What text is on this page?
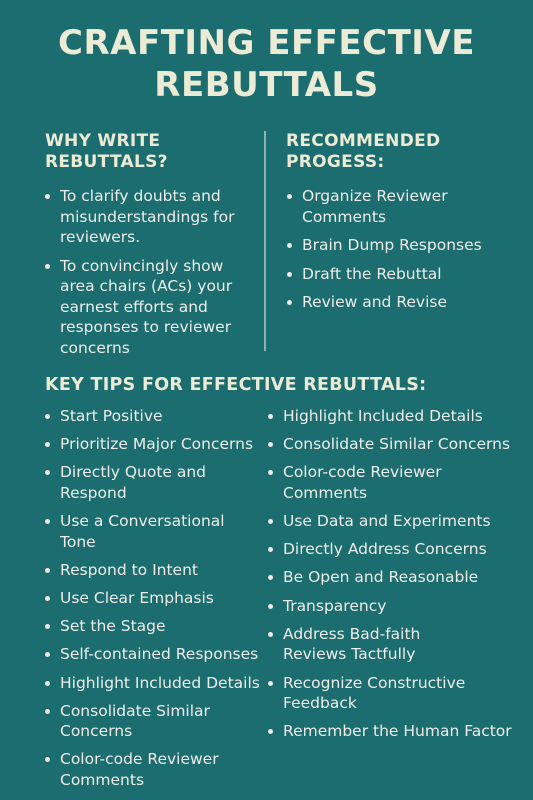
CRAFTING EFFECTIVE
REBUTTALS
WHY WRITE
REBUTTALS?
To clarify doubts and misunderstandings for reviewers.
To convincingly show area chairs (ACs) your earnest efforts and responses to reviewer concerns
RECOMMENDED
PROGESS:
Organize Reviewer Comments
Brain Dump Responses
Draft the Rebuttal
Review and Revise
KEY TIPS FOR EFFECTIVE REBUTTALS:
Start Positive
Prioritize Major Concerns
Directly Quote and Respond
Use a Conversational Tone
Respond to Intent
Use Clear Emphasis
Set the Stage
Self-contained Responses
Highlight Included Details
Consolidate Similar Concerns
Color-code Reviewer Comments
Highlight Included Details
Consolidate Similar Concerns
Color-code Reviewer Comments
Use Data and Experiments
Directly Address Concerns
Be Open and Reasonable
Transparency
Address Bad-faith Reviews Tactfully
Recognize Constructive Feedback
Remember the Human Factor
